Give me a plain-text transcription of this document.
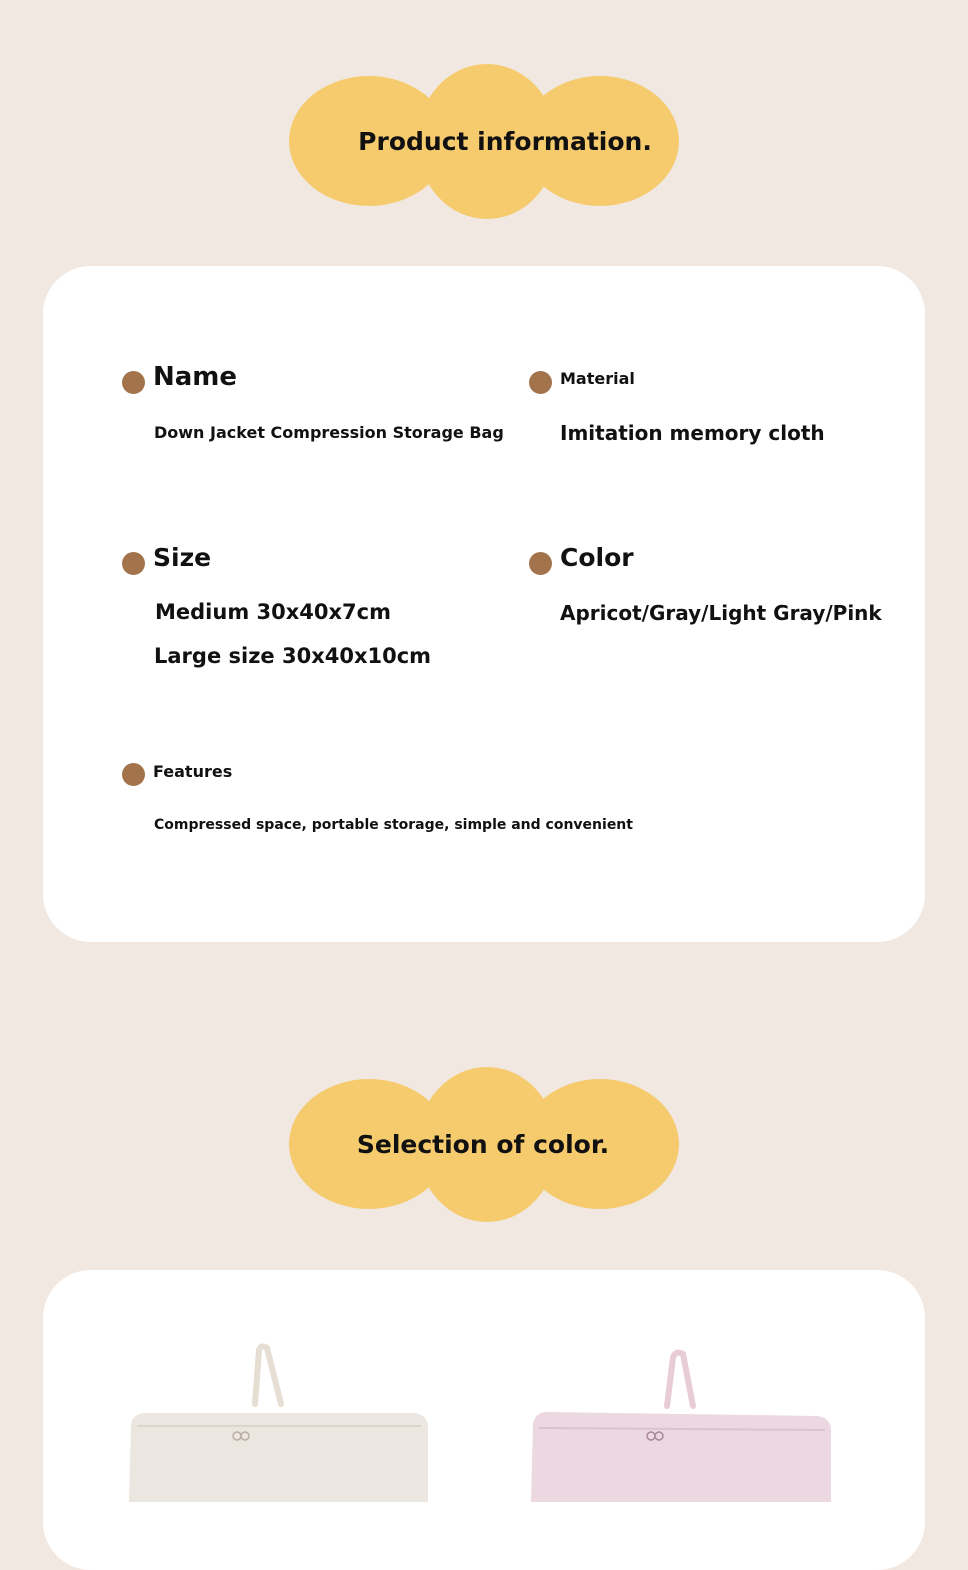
Product information.
Name
Down Jacket Compression Storage Bag
Material
Imitation memory cloth
Size
Medium 30x40x7cm
Large size 30x40x10cm
Color
Apricot/Gray/Light Gray/Pink
Features
Compressed space, portable storage, simple and convenient
Selection of color.
